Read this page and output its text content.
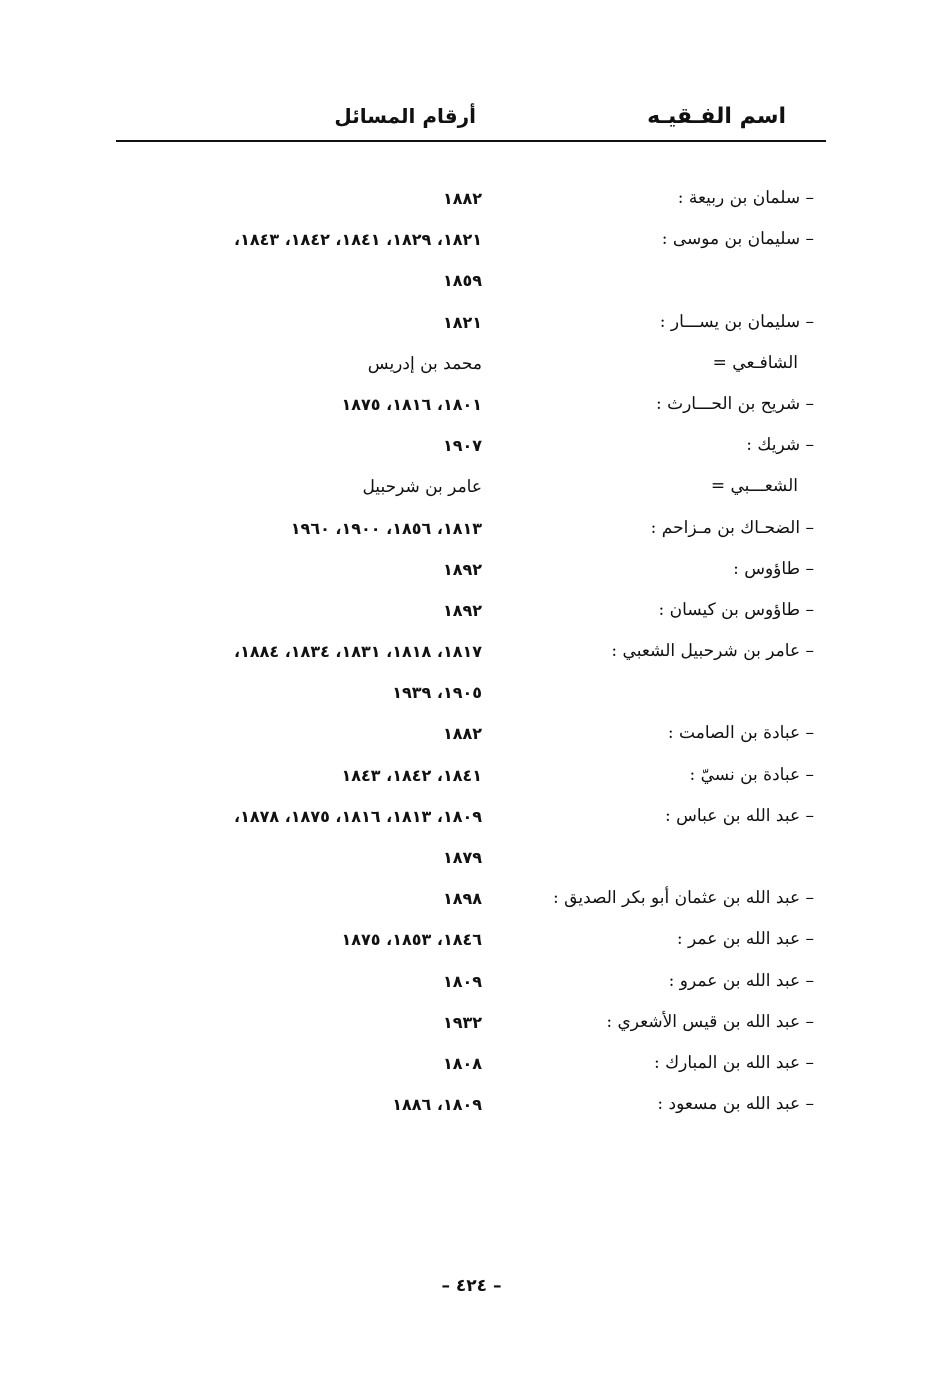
اسم الفـقيـه
أرقام المسائل
– سلمان بن ربيعة :
١٨٨٢
– سليمان بن موسى :
١٨٢١، ١٨٢٩، ١٨٤١، ١٨٤٢، ١٨٤٣،
١٨٥٩
– سليمان بن يســـار :
١٨٢١
الشافـعي =
محمد بن إدريس
– شريح بن الحـــارث :
١٨٠١، ١٨١٦، ١٨٧٥
– شريك :
١٩٠٧
الشعـــبي =
عامر بن شرحبيل
– الضحـاك بن مـزاحم :
١٨١٣، ١٨٥٦، ١٩٠٠، ١٩٦٠
– طاؤوس :
١٨٩٢
– طاؤوس بن كيسان :
١٨٩٢
– عامر بن شرحبيل الشعبي :
١٨١٧، ١٨١٨، ١٨٣١، ١٨٣٤، ١٨٨٤،
١٩٠٥، ١٩٣٩
– عبادة بن الصامت :
١٨٨٢
– عبادة بن نسيّ :
١٨٤١، ١٨٤٢، ١٨٤٣
– عبد الله بن عباس :
١٨٠٩، ١٨١٣، ١٨١٦، ١٨٧٥، ١٨٧٨،
١٨٧٩
– عبد الله بن عثمان أبو بكر الصديق :
١٨٩٨
– عبد الله بن عمر :
١٨٤٦، ١٨٥٣، ١٨٧٥
– عبد الله بن عمرو :
١٨٠٩
– عبد الله بن قيس الأشعري :
١٩٣٢
– عبد الله بن المبارك :
١٨٠٨
– عبد الله بن مسعود :
١٨٠٩، ١٨٨٦
– ٤٢٤ –
